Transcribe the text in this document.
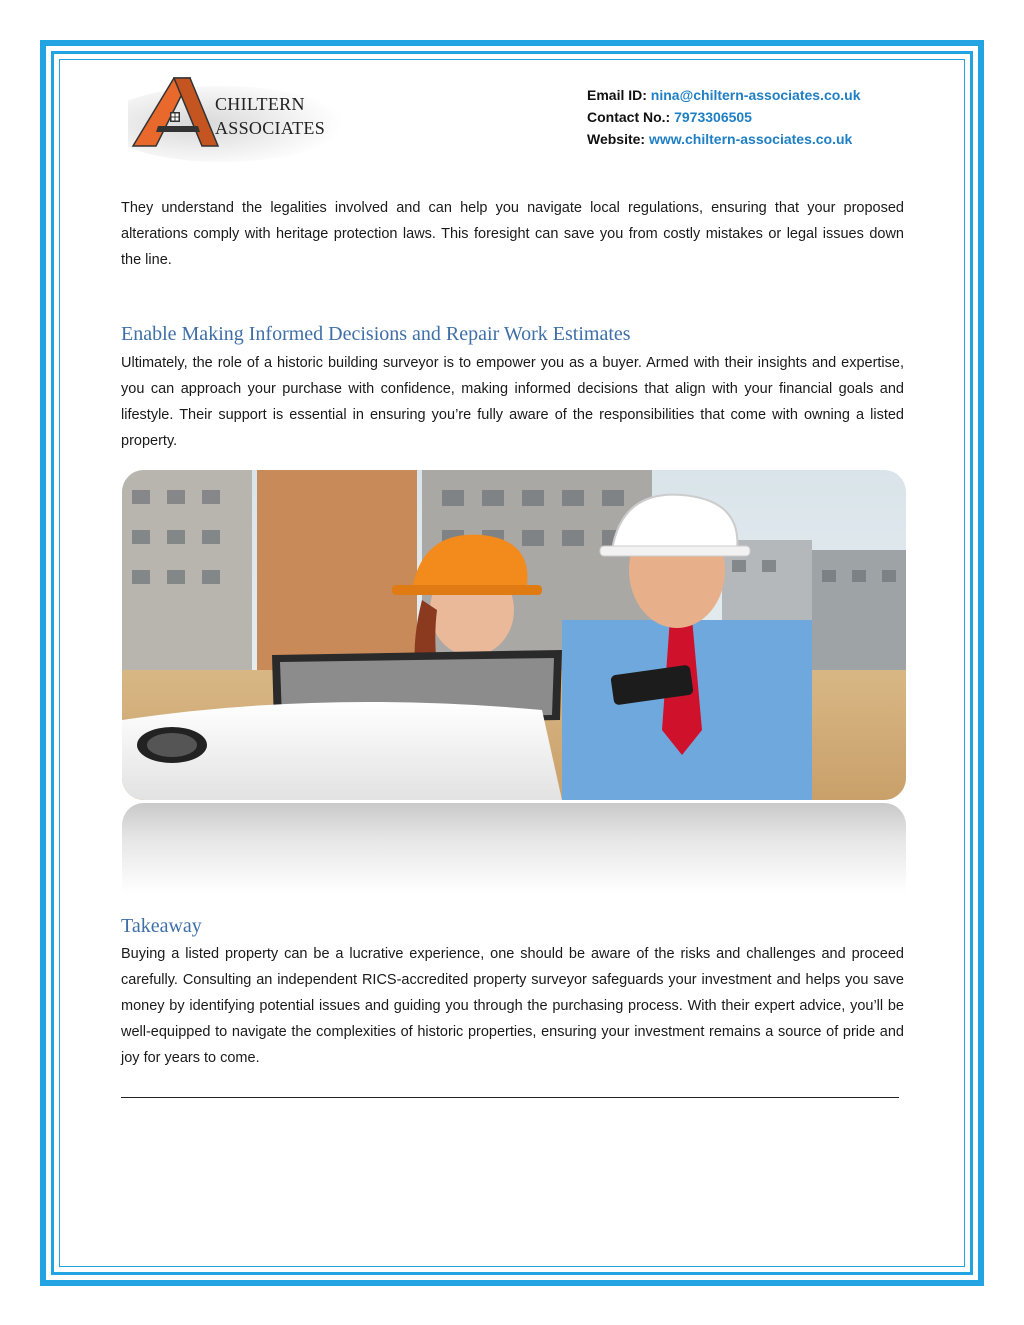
CHILTERN
ASSOCIATES
Email ID: nina@chiltern-associates.co.uk
Contact No.: 7973306505
Website: www.chiltern-associates.co.uk
They understand the legalities involved and can help you navigate local regulations, ensuring that your proposed alterations comply with heritage protection laws. This foresight can save you from costly mistakes or legal issues down the line.
Enable Making Informed Decisions and Repair Work Estimates
Ultimately, the role of a historic building surveyor is to empower you as a buyer. Armed with their insights and expertise, you can approach your purchase with confidence, making informed decisions that align with your financial goals and lifestyle. Their support is essential in ensuring you’re fully aware of the responsibilities that come with owning a listed property.
Takeaway
Buying a listed property can be a lucrative experience, one should be aware of the risks and challenges and proceed carefully. Consulting an independent RICS-accredited property surveyor safeguards your investment and helps you save money by identifying potential issues and guiding you through the purchasing process. With their expert advice, you’ll be well-equipped to navigate the complexities of historic properties, ensuring your investment remains a source of pride and joy for years to come.
